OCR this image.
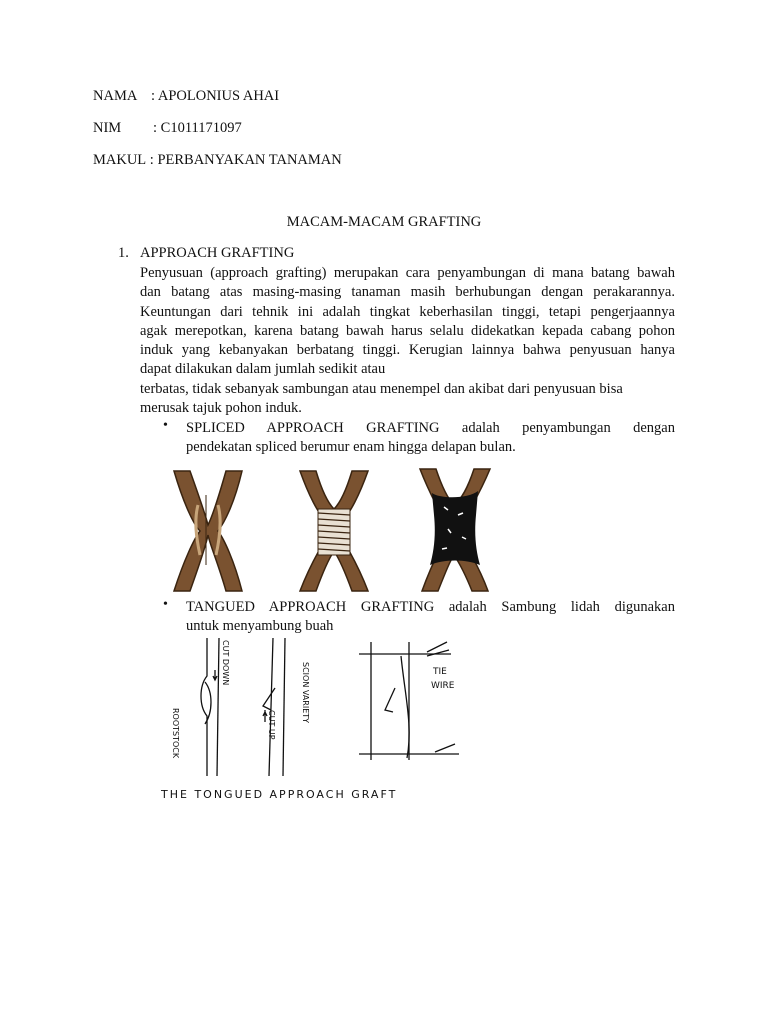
NAMA : APOLONIUS AHAI
NIM : C1011171097
MAKUL : PERBANYAKAN TANAMAN
MACAM-MACAM GRAFTING
1. APPROACH GRAFTING
Penyusuan (approach grafting) merupakan cara penyambungan di mana batang bawah
dan batang atas masing-masing tanaman masih berhubungan dengan perakarannya.
Keuntungan dari tehnik ini adalah tingkat keberhasilan tinggi, tetapi pengerjaannya
agak merepotkan, karena batang bawah harus selalu didekatkan kepada cabang pohon
induk yang kebanyakan berbatang tinggi. Kerugian lainnya bahwa penyusuan hanya
dapat dilakukan dalam jumlah sedikit atau
terbatas, tidak sebanyak sambungan atau menempel dan akibat dari penyusuan bisa
merusak tajuk pohon induk.
• SPLICED APPROACH GRAFTING adalah penyambungan dengan
pendekatan spliced berumur enam hingga delapan bulan.
• TANGUED APPROACH GRAFTING adalah Sambung lidah digunakan
untuk menyambung buah
CUT DOWN
ROOTSTOCK	CUT UP
SCION VARIETY	TIE
WIRE
THE TONGUED APPROACH GRAFT
